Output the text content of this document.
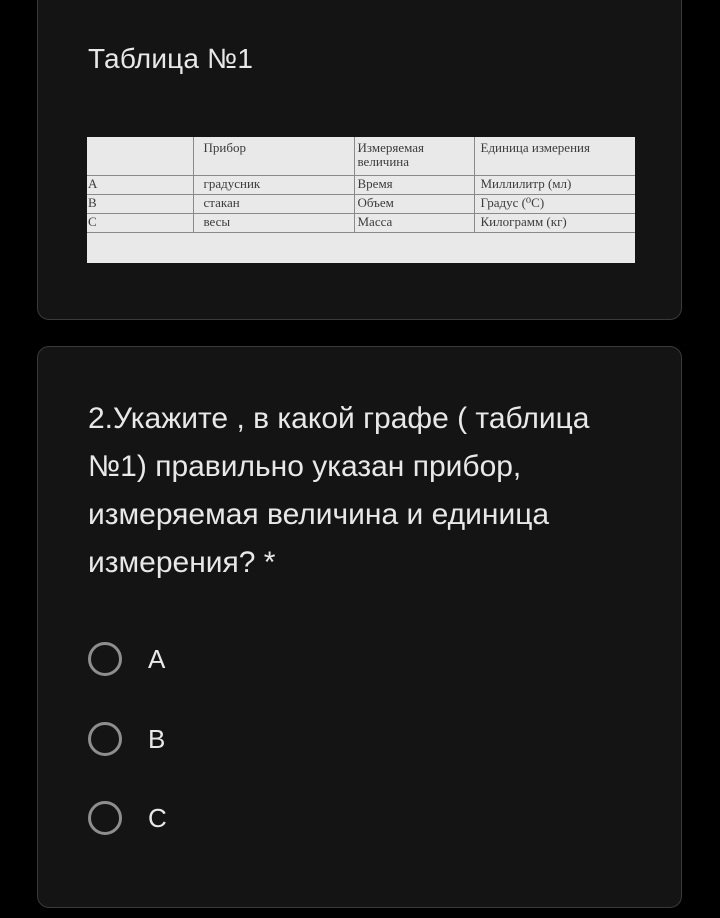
Таблица №1
	Прибор	Измеряемая величина	Единица измерения
А	градусник	Время	Миллилитр (мл)
В	стакан	Объем	Градус (⁰С)
С	весы	Масса	Килограмм (кг)

2.Укажите , в какой графе ( таблица №1) правильно указан прибор, измеряемая величина и единица измерения? *
A
B
C
